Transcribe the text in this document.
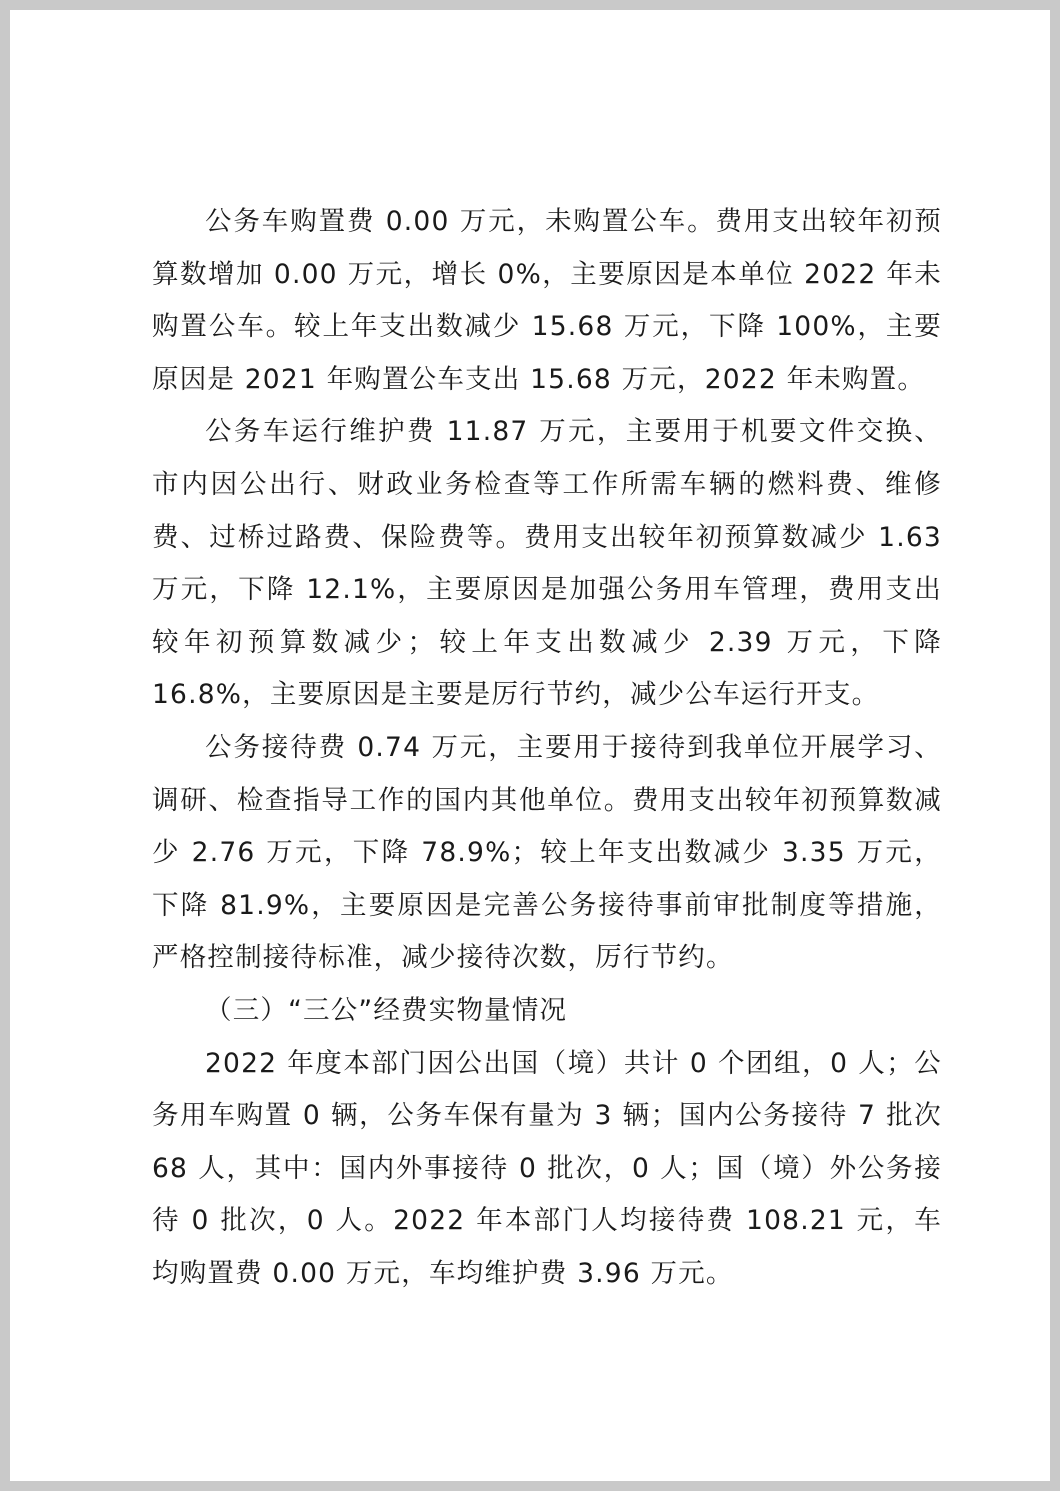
公务车购置费 0.00 万元，未购置公车。费用支出较年初预算数增加 0.00 万元，增长 0%，主要原因是本单位 2022 年未购置公车。较上年支出数减少 15.68 万元，下降 100%，主要原因是 2021 年购置公车支出 15.68 万元，2022 年未购置。

公务车运行维护费 11.87 万元，主要用于机要文件交换、市内因公出行、财政业务检查等工作所需车辆的燃料费、维修费、过桥过路费、保险费等。费用支出较年初预算数减少 1.63 万元，下降 12.1%，主要原因是加强公务用车管理，费用支出较年初预算数减少；较上年支出数减少 2.39 万元，下降 16.8%，主要原因是主要是厉行节约，减少公车运行开支。

公务接待费 0.74 万元，主要用于接待到我单位开展学习、调研、检查指导工作的国内其他单位。费用支出较年初预算数减少 2.76 万元，下降 78.9%；较上年支出数减少 3.35 万元，下降 81.9%，主要原因是完善公务接待事前审批制度等措施，严格控制接待标准，减少接待次数，厉行节约。

（三）“三公”经费实物量情况

2022 年度本部门因公出国（境）共计 0 个团组，0 人；公务用车购置 0 辆，公务车保有量为 3 辆；国内公务接待 7 批次 68 人，其中：国内外事接待 0 批次，0 人；国（境）外公务接待 0 批次，0 人。2022 年本部门人均接待费 108.21 元，车均购置费 0.00 万元，车均维护费 3.96 万元。
